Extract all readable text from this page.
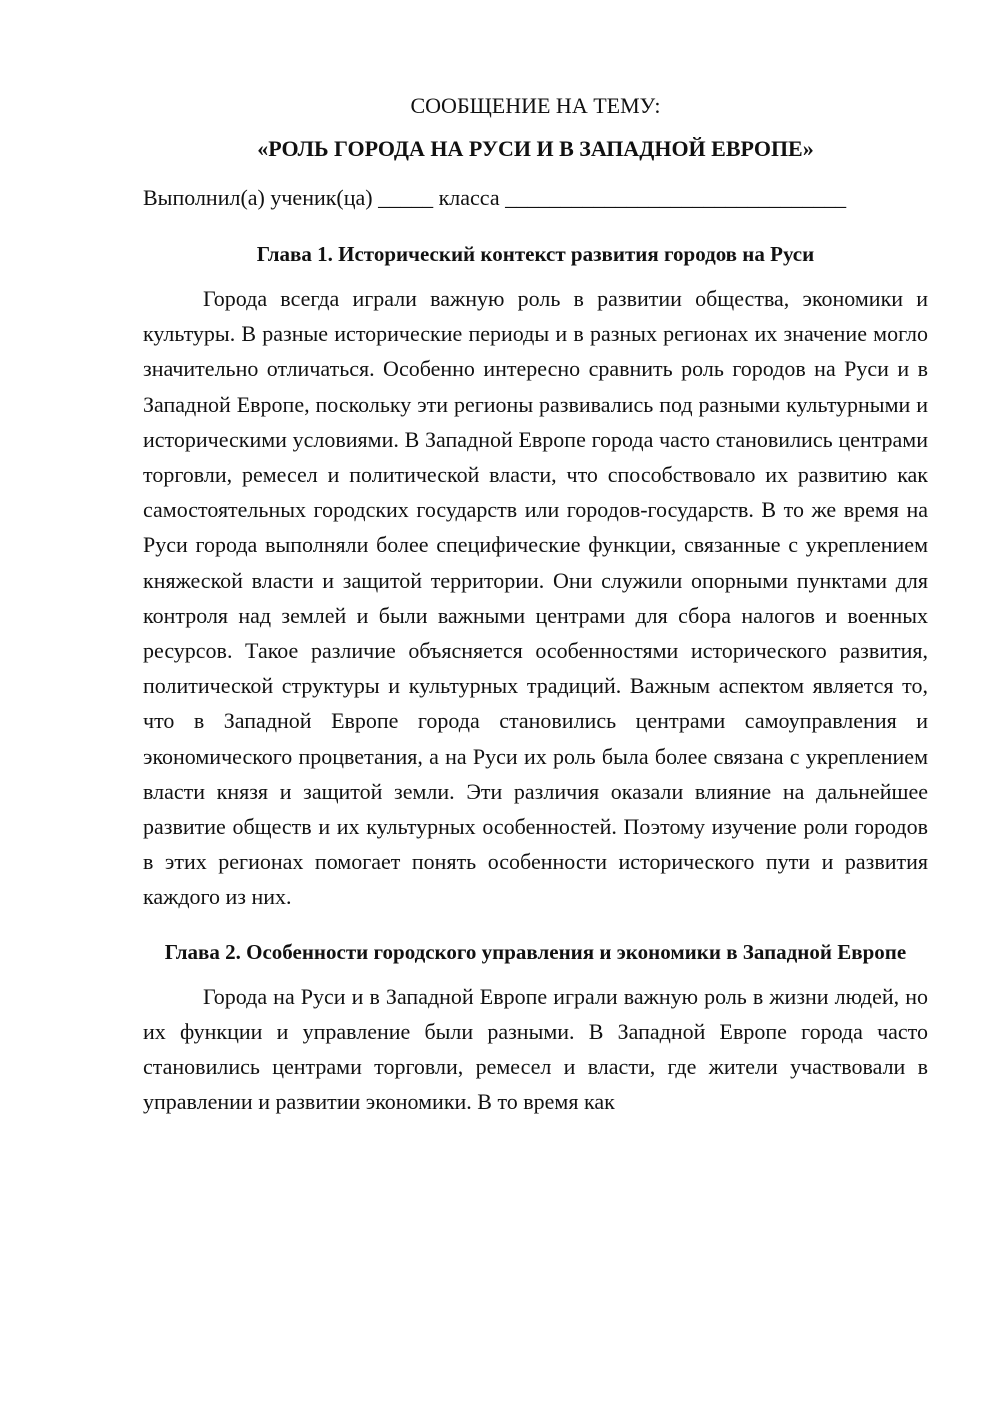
СООБЩЕНИЕ НА ТЕМУ:

«РОЛЬ ГОРОДА НА РУСИ И В ЗАПАДНОЙ ЕВРОПЕ»

Выполнил(а) ученик(ца) _____ класса _______________________________

Глава 1. Исторический контекст развития городов на Руси

Города всегда играли важную роль в развитии общества, экономики и культуры. В разные исторические периоды и в разных регионах их значение могло значительно отличаться. Особенно интересно сравнить роль городов на Руси и в Западной Европе, поскольку эти регионы развивались под разными культурными и историческими условиями. В Западной Европе города часто становились центрами торговли, ремесел и политической власти, что способствовало их развитию как самостоятельных городских государств или городов-государств. В то же время на Руси города выполняли более специфические функции, связанные с укреплением княжеской власти и защитой территории. Они служили опорными пунктами для контроля над землей и были важными центрами для сбора налогов и военных ресурсов. Такое различие объясняется особенностями исторического развития, политической структуры и культурных традиций. Важным аспектом является то, что в Западной Европе города становились центрами самоуправления и экономического процветания, а на Руси их роль была более связана с укреплением власти князя и защитой земли. Эти различия оказали влияние на дальнейшее развитие обществ и их культурных особенностей. Поэтому изучение роли городов в этих регионах помогает понять особенности исторического пути и развития каждого из них.

Глава 2. Особенности городского управления и экономики в Западной Европе

Города на Руси и в Западной Европе играли важную роль в жизни людей, но их функции и управление были разными. В Западной Европе города часто становились центрами торговли, ремесел и власти, где жители участвовали в управлении и развитии экономики. В то время как
